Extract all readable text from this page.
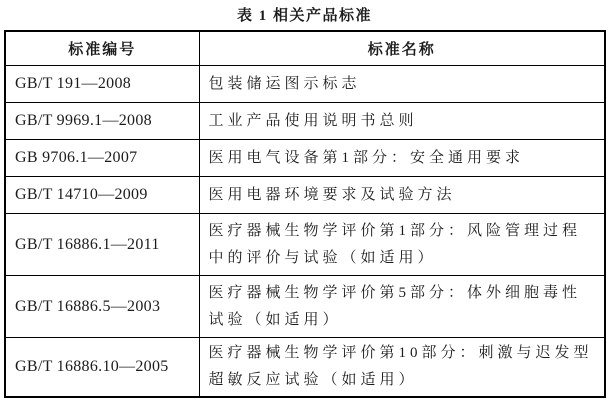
表 1 相关产品标准
标准编号	标准名称
GB/T 191—2008	包装储运图示标志
GB/T 9969.1—2008	工业产品使用说明书总则
GB 9706.1—2007	医用电气设备第1部分：安全通用要求
GB/T 14710—2009	医用电器环境要求及试验方法
GB/T 16886.1—2011	医疗器械生物学评价第1部分：风险管理过程中的评价与试验（如适用）
GB/T 16886.5—2003	医疗器械生物学评价第5部分：体外细胞毒性试验（如适用）
GB/T 16886.10—2005	医疗器械生物学评价第10部分：刺激与迟发型超敏反应试验（如适用）
